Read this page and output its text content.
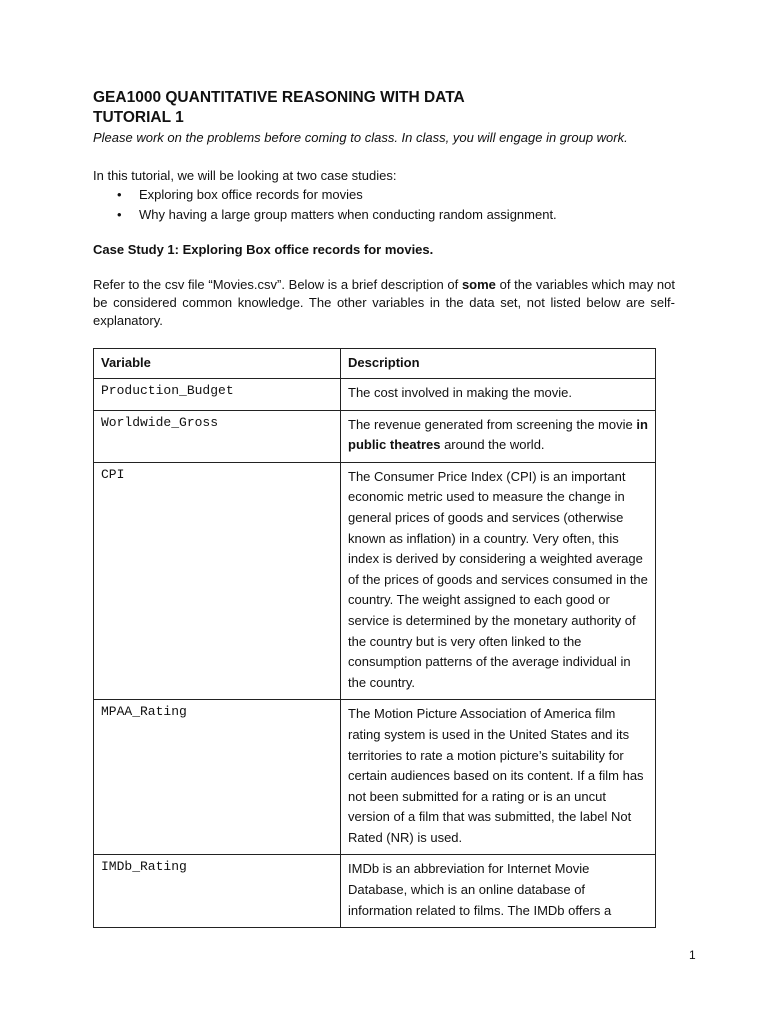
GEA1000 QUANTITATIVE REASONING WITH DATA

TUTORIAL 1

Please work on the problems before coming to class. In class, you will engage in group work.

In this tutorial, we will be looking at two case studies:

• Exploring box office records for movies
• Why having a large group matters when conducting random assignment.

Case Study 1: Exploring Box office records for movies.

Refer to the csv file “Movies.csv”. Below is a brief description of some of the variables which may not be considered common knowledge. The other variables in the data set, not listed below are self-explanatory.

Variable	Description
Production_Budget	The cost involved in making the movie.
Worldwide_Gross	The revenue generated from screening the movie in public theatres around the world.
CPI	The Consumer Price Index (CPI) is an important economic metric used to measure the change in general prices of goods and services (otherwise known as inflation) in a country. Very often, this index is derived by considering a weighted average of the prices of goods and services consumed in the country. The weight assigned to each good or service is determined by the monetary authority of the country but is very often linked to the consumption patterns of the average individual in the country.
MPAA_Rating	The Motion Picture Association of America film rating system is used in the United States and its territories to rate a motion picture’s suitability for certain audiences based on its content. If a film has not been submitted for a rating or is an uncut version of a film that was submitted, the label Not Rated (NR) is used.
IMDb_Rating	IMDb is an abbreviation for Internet Movie Database, which is an online database of information related to films. The IMDb offers a
1
